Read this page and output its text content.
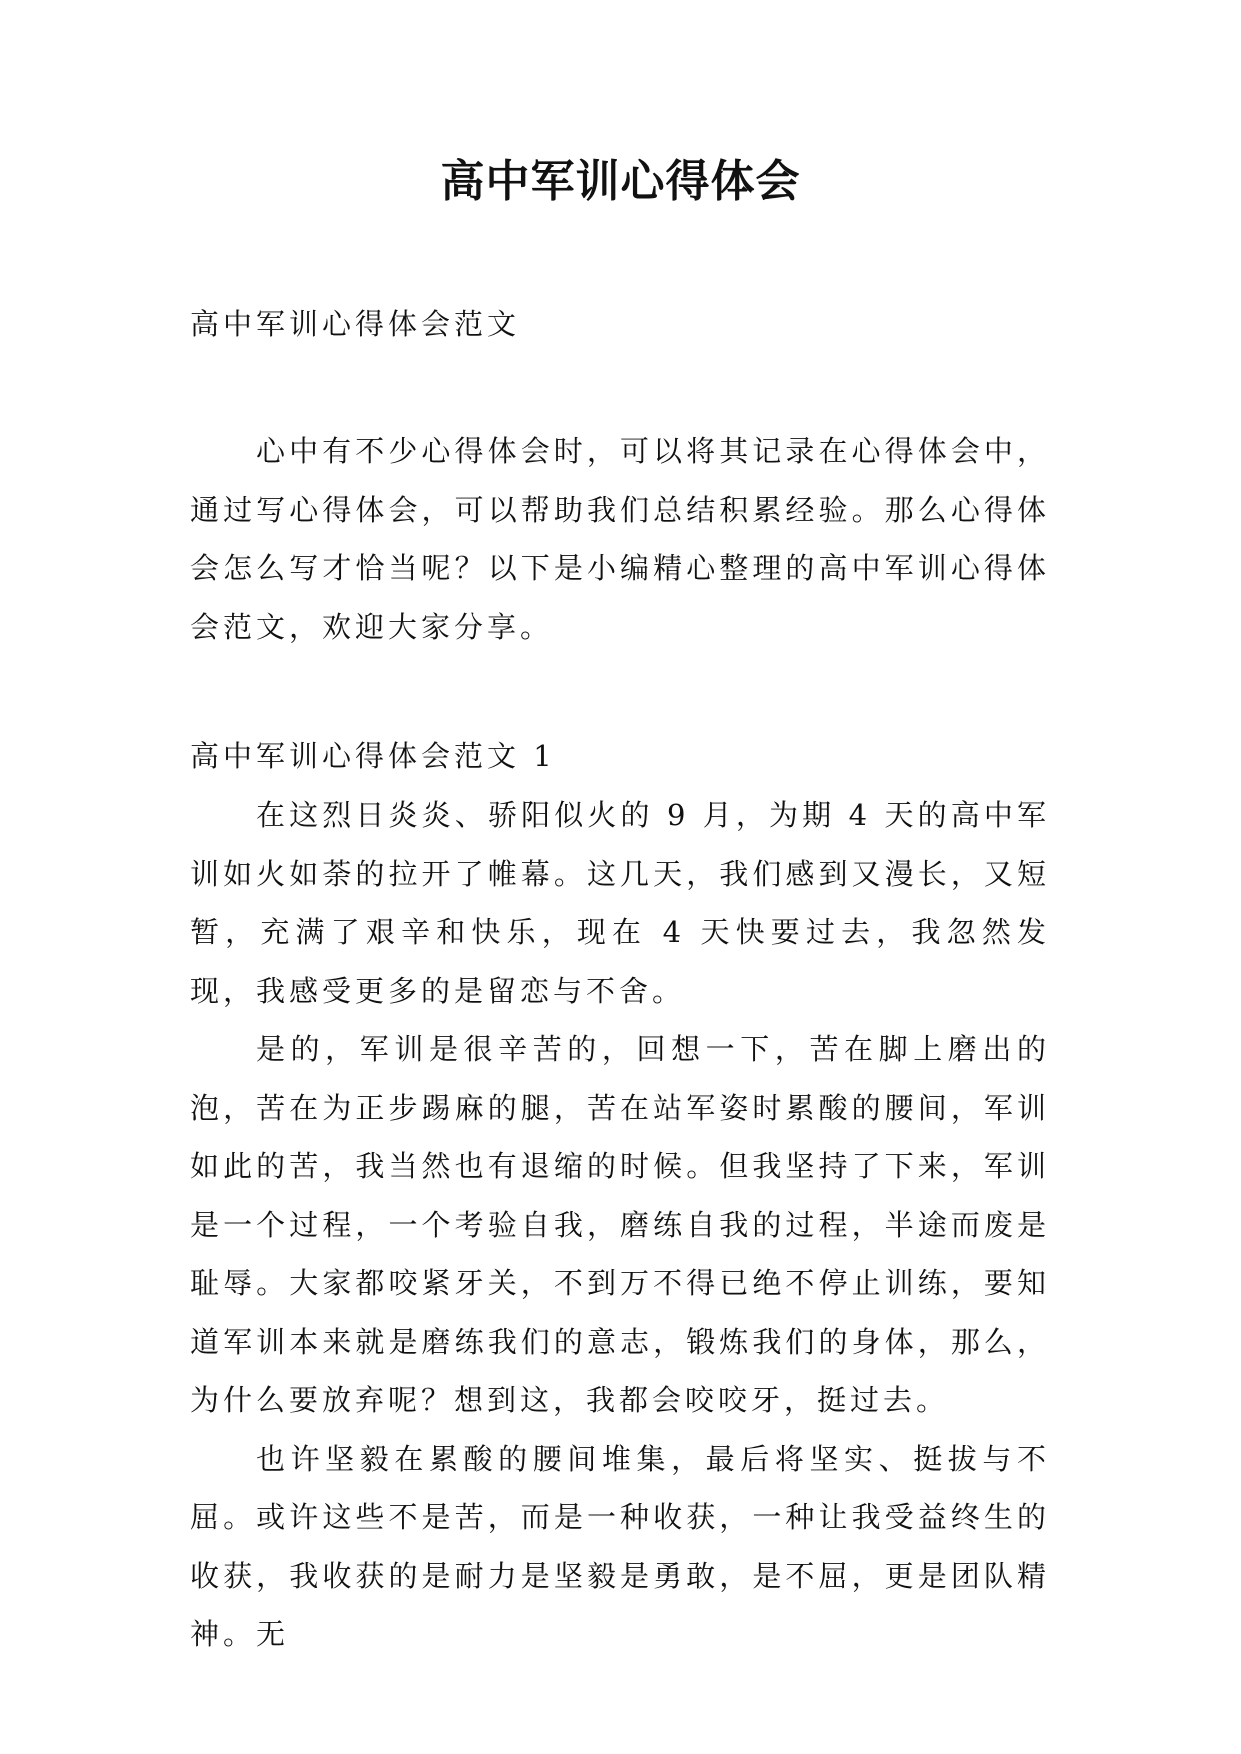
高中军训心得体会

高中军训心得体会范文

心中有不少心得体会时，可以将其记录在心得体会中，通过写心得体会，可以帮助我们总结积累经验。那么心得体会怎么写才恰当呢？以下是小编精心整理的高中军训心得体会范文，欢迎大家分享。

高中军训心得体会范文 1

在这烈日炎炎、骄阳似火的 9 月，为期 4 天的高中军训如火如荼的拉开了帷幕。这几天，我们感到又漫长，又短暂，充满了艰辛和快乐，现在 4 天快要过去，我忽然发现，我感受更多的是留恋与不舍。

是的，军训是很辛苦的，回想一下，苦在脚上磨出的泡，苦在为正步踢麻的腿，苦在站军姿时累酸的腰间，军训如此的苦，我当然也有退缩的时候。但我坚持了下来，军训是一个过程，一个考验自我，磨练自我的过程，半途而废是耻辱。大家都咬紧牙关，不到万不得已绝不停止训练，要知道军训本来就是磨练我们的意志，锻炼我们的身体，那么，为什么要放弃呢？想到这，我都会咬咬牙，挺过去。

也许坚毅在累酸的腰间堆集，最后将坚实、挺拔与不屈。或许这些不是苦，而是一种收获，一种让我受益终生的收获，我收获的是耐力是坚毅是勇敢，是不屈，更是团队精神。无
